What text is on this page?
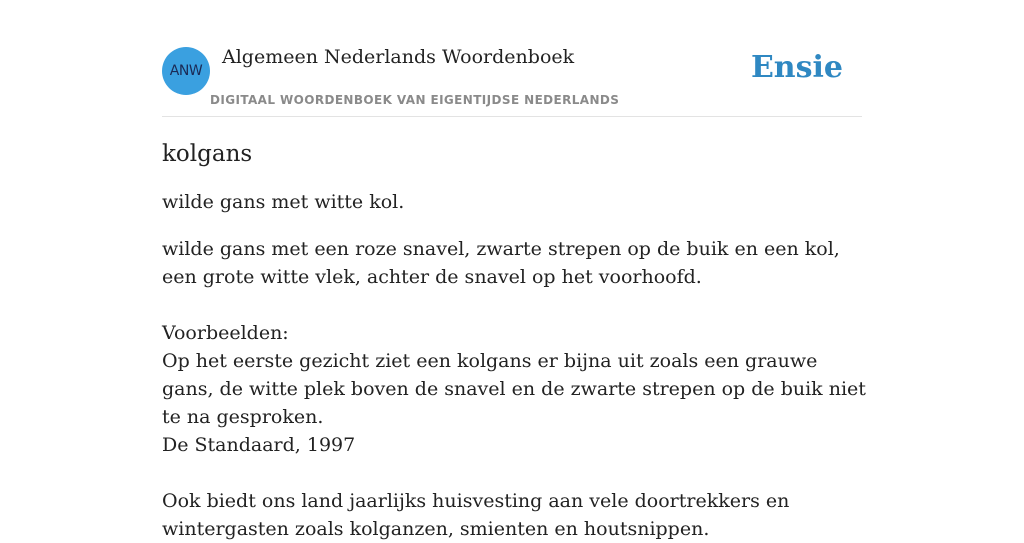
ANW
Algemeen Nederlands Woordenboek
DIGITAAL WOORDENBOEK VAN EIGENTIJDSE NEDERLANDS
Ensie
kolgans

wilde gans met witte kol.

wilde gans met een roze snavel, zwarte strepen op de buik en een kol, een grote witte vlek, achter de snavel op het voorhoofd.

Voorbeelden:

Op het eerste gezicht ziet een kolgans er bijna uit zoals een grauwe gans, de witte plek boven de snavel en de zwarte strepen op de buik niet te na gesproken.

De Standaard, 1997

Ook biedt ons land jaarlijks huisvesting aan vele doortrekkers en wintergasten zoals kolganzen, smienten en houtsnippen.
